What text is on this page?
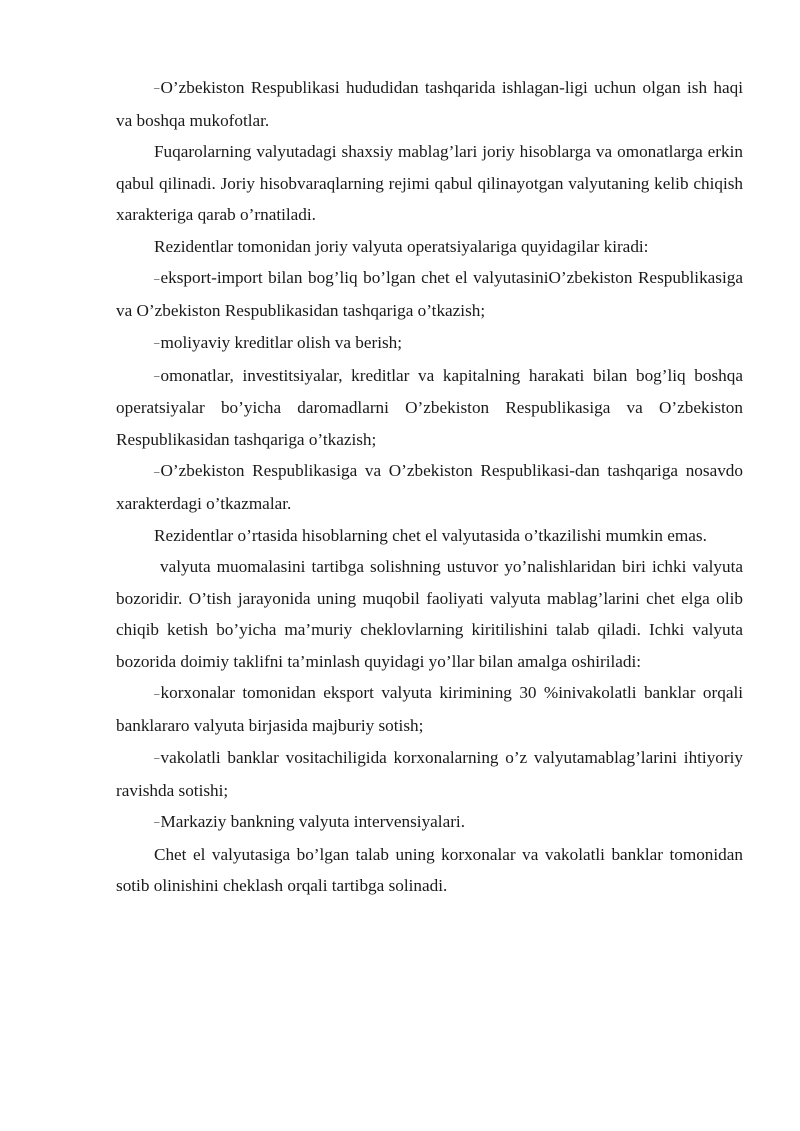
–O’zbekiston Respublikasi hududidan tashqarida ishlagan-ligi uchun olgan ish haqi va boshqa mukofotlar.

Fuqarolarning valyutadagi shaxsiy mablag’lari joriy hisoblarga va omonatlarga erkin qabul qilinadi. Joriy hisobvaraqlarning rejimi qabul qilinayotgan valyutaning kelib chiqish xarakteriga qarab o’rnatiladi.

Rezidentlar tomonidan joriy valyuta operatsiyalariga quyidagilar kiradi:

–eksport-import bilan bog’liq bo’lgan chet el valyutasiniO’zbekiston Respublikasiga va O’zbekiston Respublikasidan tashqariga o’tkazish;

–moliyaviy kreditlar olish va berish;

–omonatlar, investitsiyalar, kreditlar va kapitalning harakati bilan bog’liq boshqa operatsiyalar bo’yicha daromadlarni O’zbekiston Respublikasiga va O’zbekiston Respublikasidan tashqariga o’tkazish;

–O’zbekiston Respublikasiga va O’zbekiston Respublikasi-dan tashqariga nosavdo xarakterdagi o’tkazmalar.

Rezidentlar o’rtasida hisoblarning chet el valyutasida o’tkazilishi mumkin emas.

valyuta muomalasini tartibga solishning ustuvor yo’nalishlaridan biri ichki valyuta bozoridir. O’tish jarayonida uning muqobil faoliyati valyuta mablag’larini chet elga olib chiqib ketish bo’yicha ma’muriy cheklovlarning kiritilishini talab qiladi. Ichki valyuta bozorida doimiy taklifni ta’minlash quyidagi yo’llar bilan amalga oshiriladi:

–korxonalar tomonidan eksport valyuta kirimining 30 %inivakolatli banklar orqali banklararo valyuta birjasida majburiy sotish;

–vakolatli banklar vositachiligida korxonalarning o’z valyutamablag’larini ihtiyoriy ravishda sotishi;

–Markaziy bankning valyuta intervensiyalari.

Chet el valyutasiga bo’lgan talab uning korxonalar va vakolatli banklar tomonidan sotib olinishini cheklash orqali tartibga solinadi.
